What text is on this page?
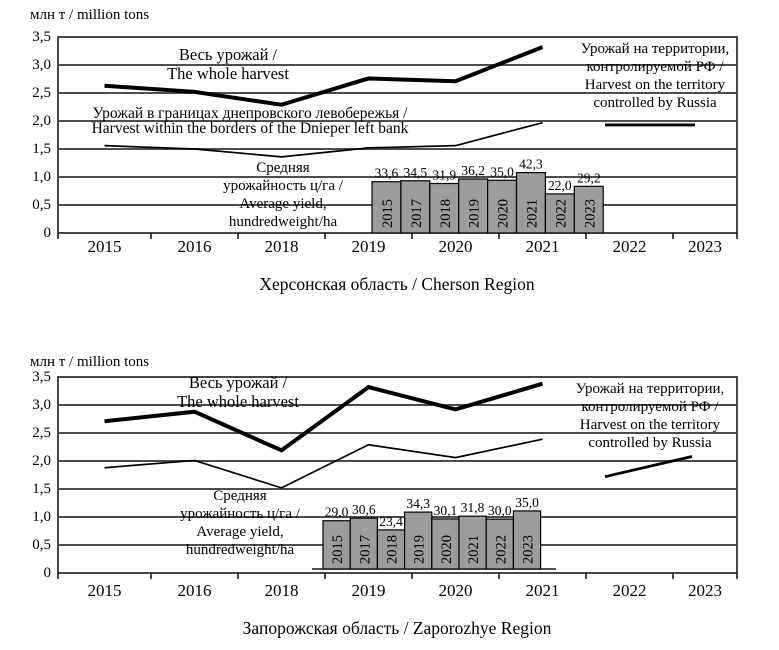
33,6
2015
34,5
2017
31,9
2018
36,2
2019
35,0
2020
42,3
2021
22,0
2022
29,2
2023
29,0
2015
30,6
2017
23,4
2018
34,3
2019
30,1
2020
31,8
2021
30,0
2022
35,0
2023
млн т / million tons
млн т / million tons
Херсонская область / Cherson Region
Запорожская область / Zaporozhye Region
3,5
3,0
2,5
2,0
1,5
1,0
0,5
0
2015	2016	2018	2019	2020	2021	2022	2023
Весь урожай /
The whole harvest
Урожай в границах днепровского левобережья /
Harvest within the borders of the Dnieper left bank
Урожай на территории,
контролируемой РФ /
Harvest on the territory
controlled by Russia
Средняя
урожайность ц/га /
Average yield,
hundredweight/ha
3,5
3,0
2,5
2,0
1,5
1,0
0,5
0
2015	2016	2018	2019	2020	2021	2022	2023
Весь урожай /
The whole harvest
Урожай на территории,
контролируемой РФ /
Harvest on the territory
controlled by Russia
Средняя
урожайность ц/га /
Average yield,
hundredweight/ha
